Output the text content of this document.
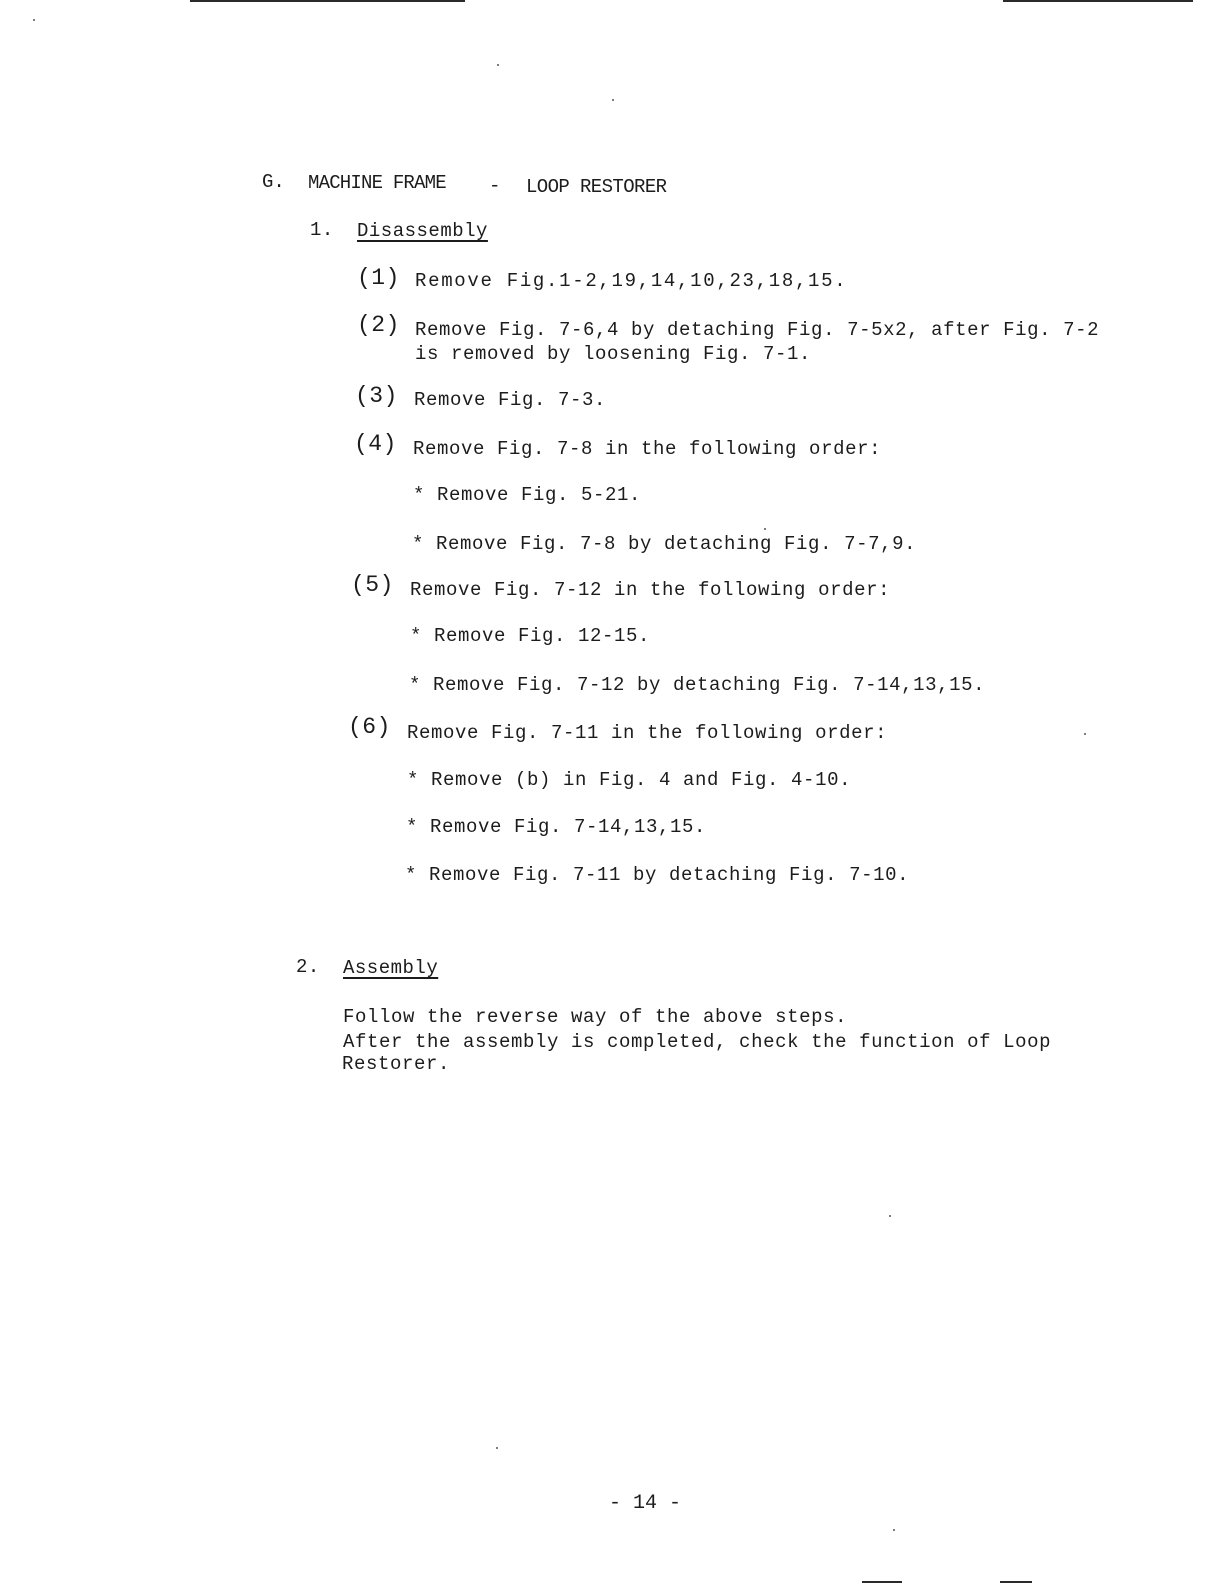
G. MACHINE FRAME - LOOP RESTORER
1. Disassembly
(1) Remove Fig.1-2,19,14,10,23,18,15.
(2) Remove Fig. 7-6,4 by detaching Fig. 7-5x2, after Fig. 7-2
is removed by loosening Fig. 7-1.
(3) Remove Fig. 7-3.
(4) Remove Fig. 7-8 in the following order:
* Remove Fig. 5-21.
* Remove Fig. 7-8 by detaching Fig. 7-7,9.
(5) Remove Fig. 7-12 in the following order:
* Remove Fig. 12-15.
* Remove Fig. 7-12 by detaching Fig. 7-14,13,15.
(6) Remove Fig. 7-11 in the following order:
* Remove (b) in Fig. 4 and Fig. 4-10.
* Remove Fig. 7-14,13,15.
* Remove Fig. 7-11 by detaching Fig. 7-10.
2. Assembly
Follow the reverse way of the above steps.
After the assembly is completed, check the function of Loop
Restorer.
- 14 -
